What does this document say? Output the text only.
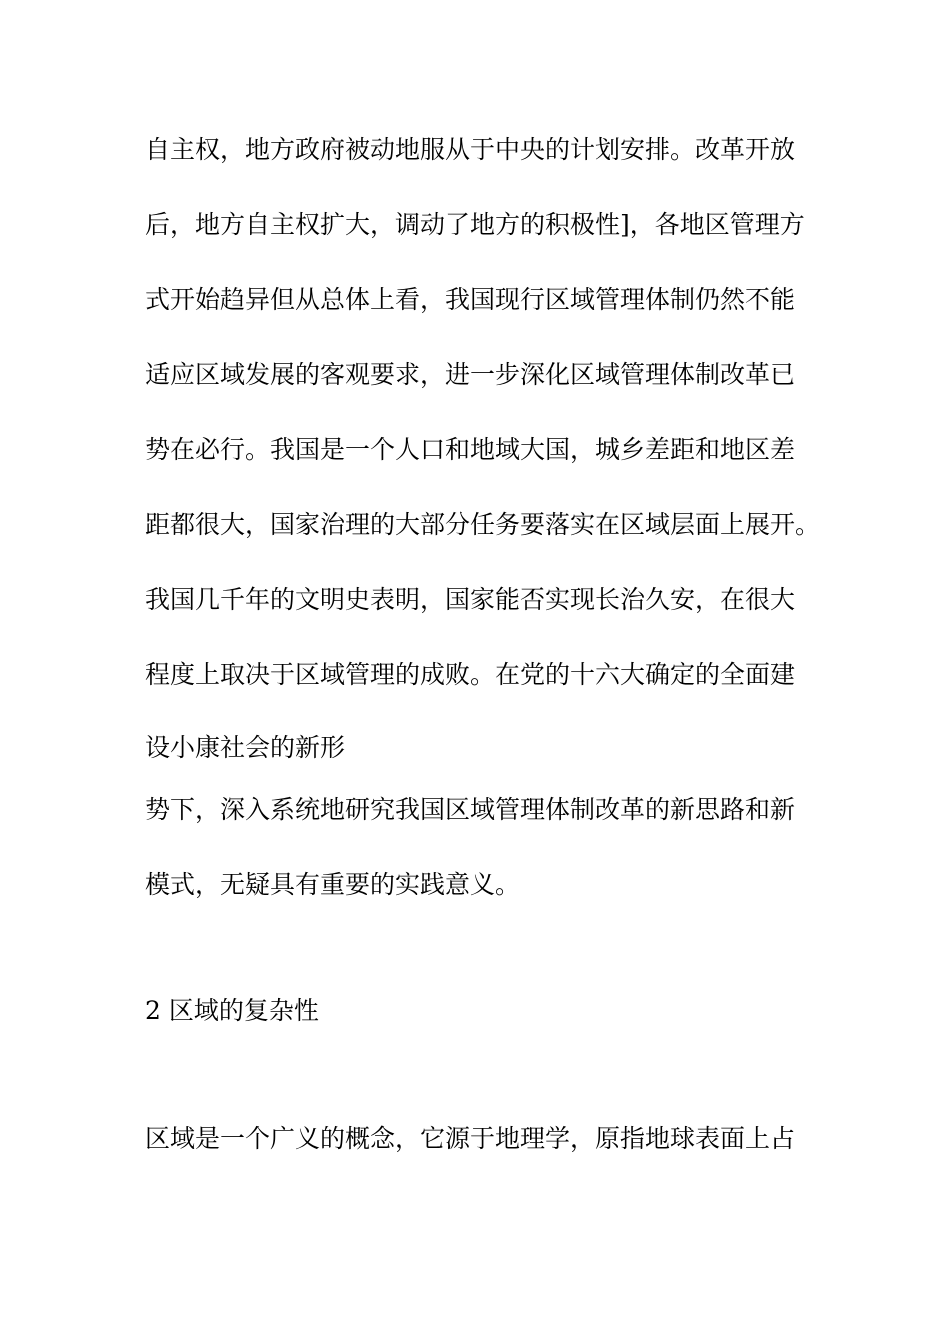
自主权，地方政府被动地服从于中央的计划安排。改革开放
后，地方自主权扩大，调动了地方的积极性]，各地区管理方
式开始趋异但从总体上看，我国现行区域管理体制仍然不能
适应区域发展的客观要求，进一步深化区域管理体制改革已
势在必行。我国是一个人口和地域大国，城乡差距和地区差
距都很大，国家治理的大部分任务要落实在区域层面上展开。
我国几千年的文明史表明，国家能否实现长治久安，在很大
程度上取决于区域管理的成败。在党的十六大确定的全面建
设小康社会的新形
势下，深入系统地研究我国区域管理体制改革的新思路和新
模式，无疑具有重要的实践意义。
2 区域的复杂性
区域是一个广义的概念，它源于地理学，原指地球表面上占
